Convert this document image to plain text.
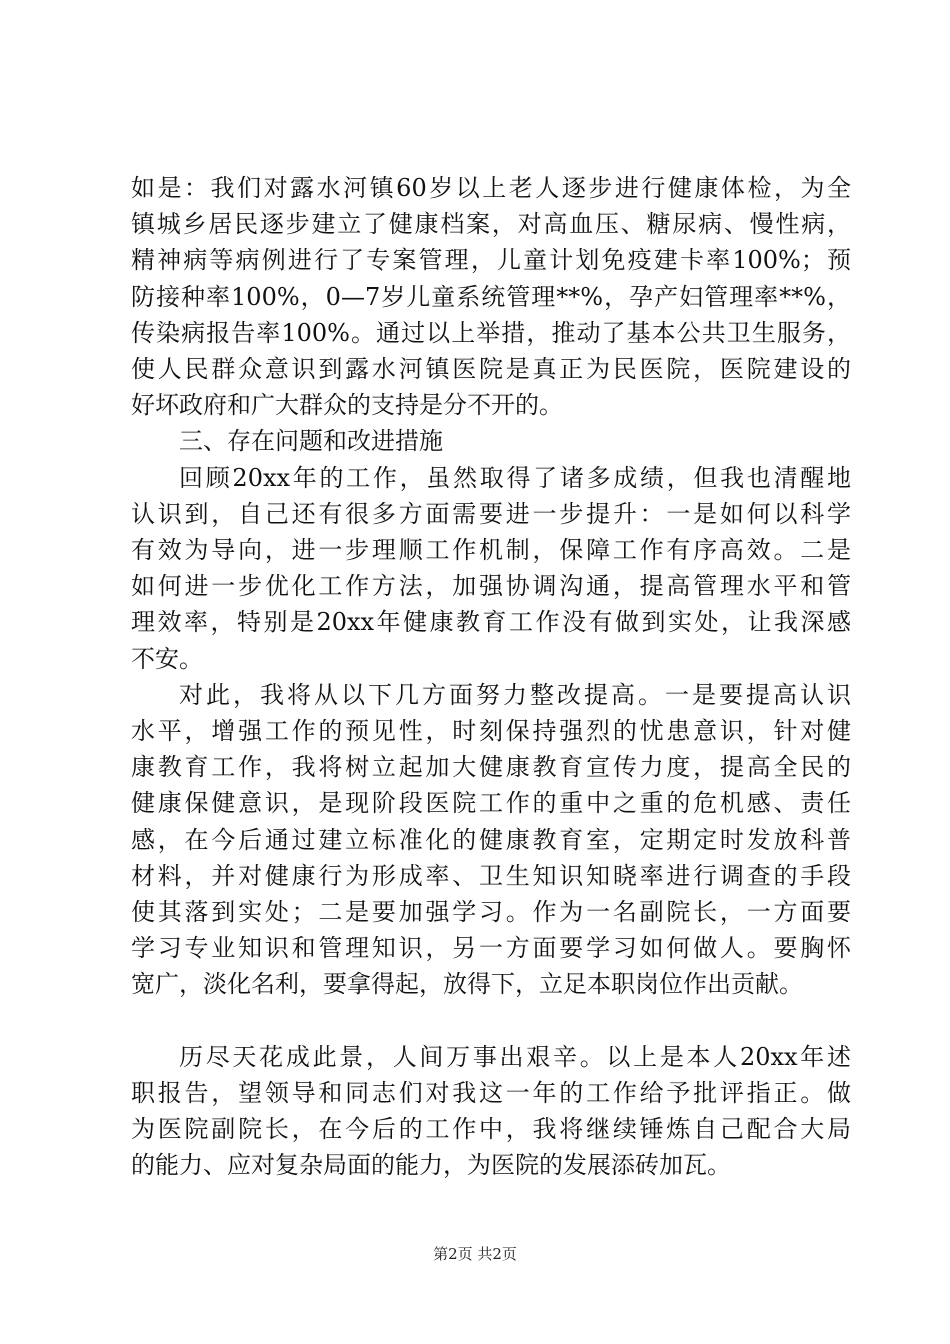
如是：我们对露水河镇60岁以上老人逐步进行健康体检，为全
镇城乡居民逐步建立了健康档案，对高血压、糖尿病、慢性病，
精神病等病例进行了专案管理，儿童计划免疫建卡率100%；预
防接种率100%，0—7岁儿童系统管理**%，孕产妇管理率**%，
传染病报告率100%。通过以上举措，推动了基本公共卫生服务，
使人民群众意识到露水河镇医院是真正为民医院，医院建设的
好坏政府和广大群众的支持是分不开的。

三、存在问题和改进措施

回顾20xx年的工作，虽然取得了诸多成绩，但我也清醒地
认识到，自己还有很多方面需要进一步提升：一是如何以科学
有效为导向，进一步理顺工作机制，保障工作有序高效。二是
如何进一步优化工作方法，加强协调沟通，提高管理水平和管
理效率，特别是20xx年健康教育工作没有做到实处，让我深感
不安。

对此，我将从以下几方面努力整改提高。一是要提高认识
水平，增强工作的预见性，时刻保持强烈的忧患意识，针对健
康教育工作，我将树立起加大健康教育宣传力度，提高全民的
健康保健意识，是现阶段医院工作的重中之重的危机感、责任
感，在今后通过建立标准化的健康教育室，定期定时发放科普
材料，并对健康行为形成率、卫生知识知晓率进行调查的手段
使其落到实处；二是要加强学习。作为一名副院长，一方面要
学习专业知识和管理知识，另一方面要学习如何做人。要胸怀
宽广，淡化名利，要拿得起，放得下，立足本职岗位作出贡献。

历尽天花成此景，人间万事出艰辛。以上是本人20xx年述
职报告，望领导和同志们对我这一年的工作给予批评指正。做
为医院副院长，在今后的工作中，我将继续锤炼自己配合大局
的能力、应对复杂局面的能力，为医院的发展添砖加瓦。

第2页 共2页
